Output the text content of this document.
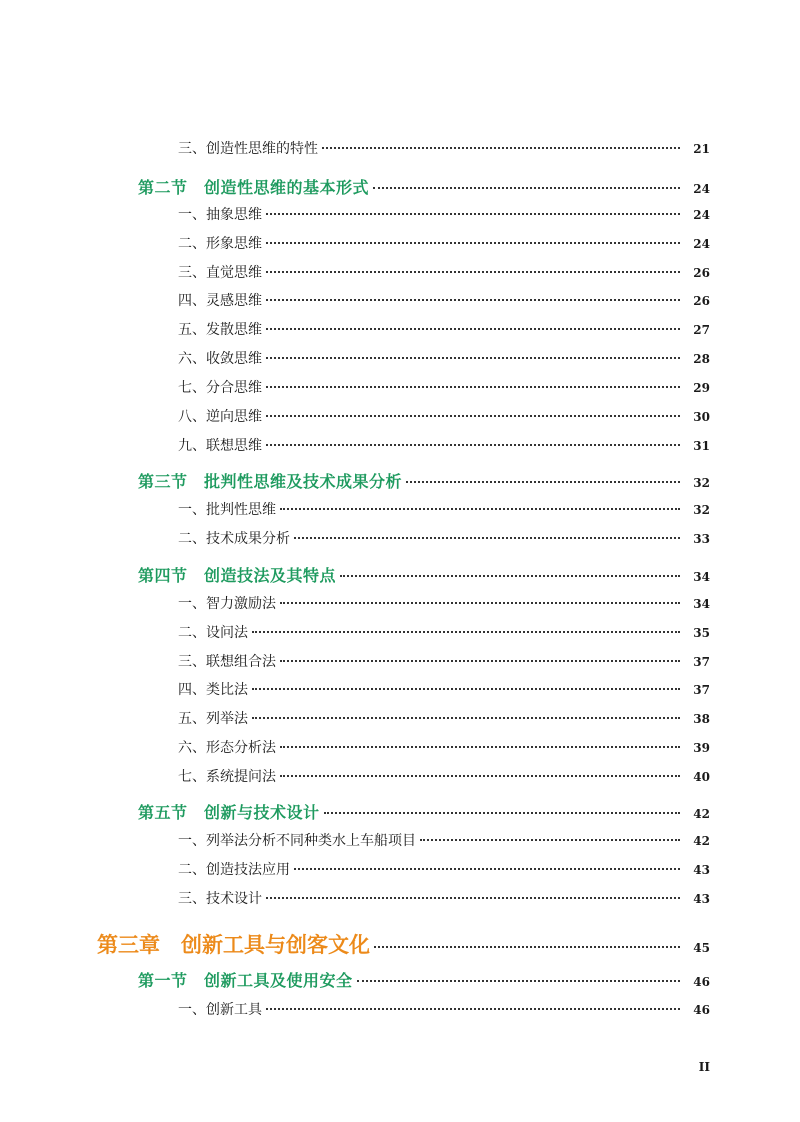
三、创造性思维的特性	21
第二节　创造性思维的基本形式	24
一、抽象思维	24
二、形象思维	24
三、直觉思维	26
四、灵感思维	26
五、发散思维	27
六、收敛思维	28
七、分合思维	29
八、逆向思维	30
九、联想思维	31
第三节　批判性思维及技术成果分析	32
一、批判性思维	32
二、技术成果分析	33
第四节　创造技法及其特点	34
一、智力激励法	34
二、设问法	35
三、联想组合法	37
四、类比法	37
五、列举法	38
六、形态分析法	39
七、系统提问法	40
第五节　创新与技术设计	42
一、列举法分析不同种类水上车船项目	42
二、创造技法应用	43
三、技术设计	43
第三章　创新工具与创客文化	45
第一节　创新工具及使用安全	46
一、创新工具	46
II
